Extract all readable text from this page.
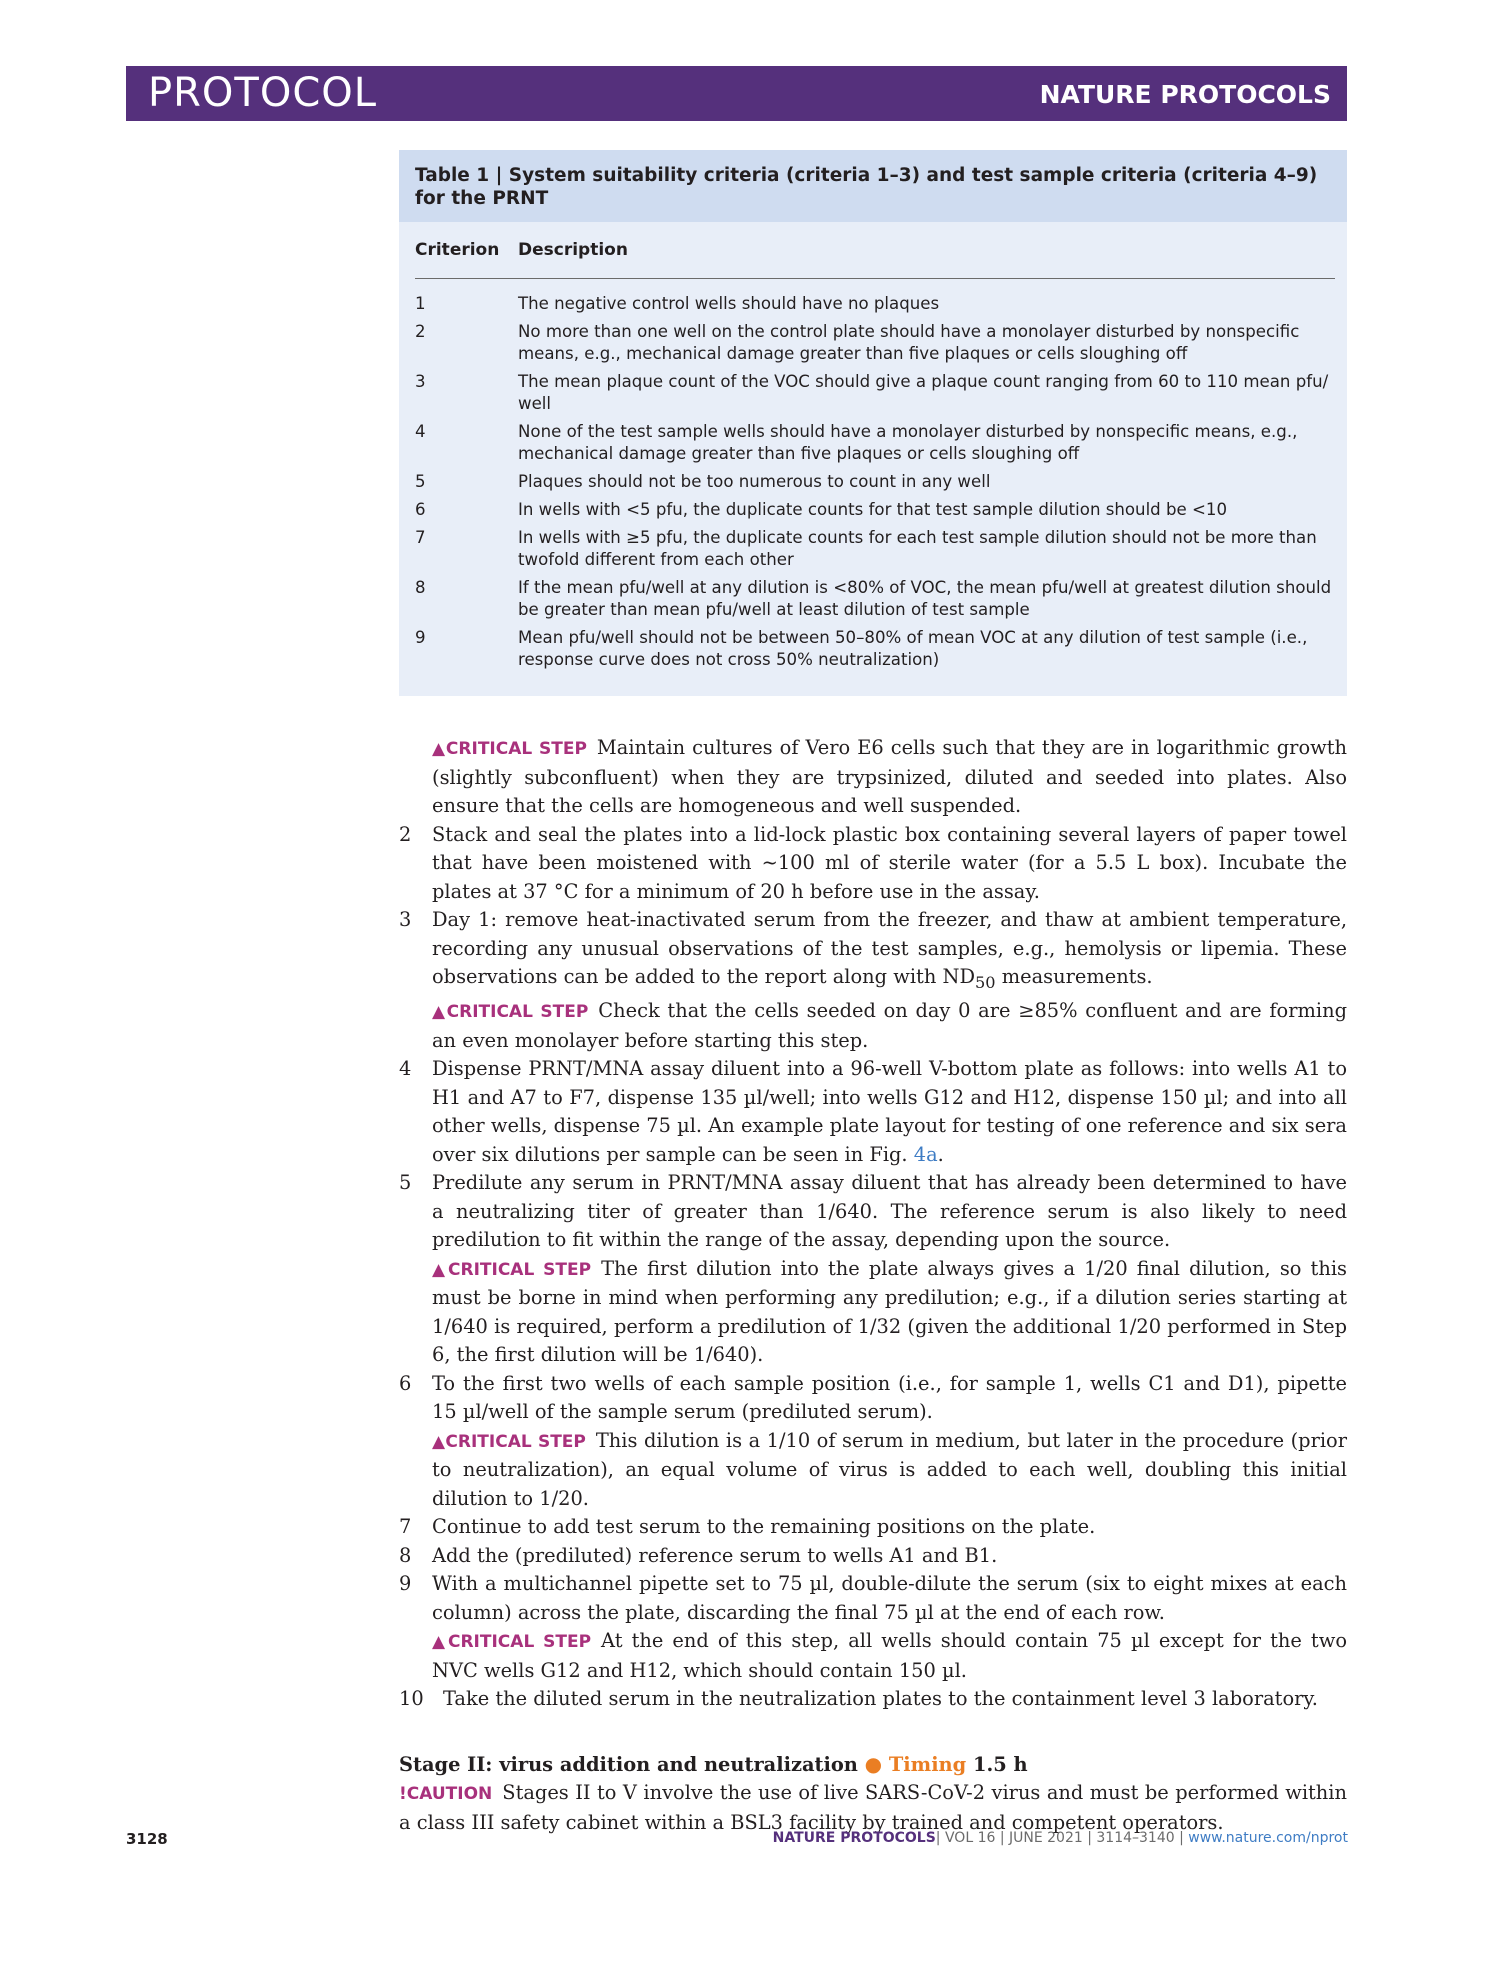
PROTOCOL	NATURE PROTOCOLS
Table 1 | System suitability criteria (criteria 1–3) and test sample criteria (criteria 4–9) for the PRNT
Criterion Description
1	The negative control wells should have no plaques
2	No more than one well on the control plate should have a monolayer disturbed by nonspecific means, e.g., mechanical damage greater than five plaques or cells sloughing off
3	The mean plaque count of the VOC should give a plaque count ranging from 60 to 110 mean pfu/ well
4	None of the test sample wells should have a monolayer disturbed by nonspecific means, e.g., mechanical damage greater than five plaques or cells sloughing off
5	Plaques should not be too numerous to count in any well
6	In wells with <5 pfu, the duplicate counts for that test sample dilution should be <10
7	In wells with ≥5 pfu, the duplicate counts for each test sample dilution should not be more than twofold different from each other
8	If the mean pfu/well at any dilution is <80% of VOC, the mean pfu/well at greatest dilution should be greater than mean pfu/well at least dilution of test sample
9	Mean pfu/well should not be between 50–80% of mean VOC at any dilution of test sample (i.e., response curve does not cross 50% neutralization)
▲CRITICAL STEP Maintain cultures of Vero E6 cells such that they are in logarithmic growth (slightly subconfluent) when they are trypsinized, diluted and seeded into plates. Also ensure that the cells are homogeneous and well suspended.
2 Stack and seal the plates into a lid-lock plastic box containing several layers of paper towel that have been moistened with ~100 ml of sterile water (for a 5.5 L box). Incubate the plates at 37 °C for a minimum of 20 h before use in the assay.
3 Day 1: remove heat-inactivated serum from the freezer, and thaw at ambient temperature, recording any unusual observations of the test samples, e.g., hemolysis or lipemia. These observations can be added to the report along with $ND_{50}$ measurements.
▲CRITICAL STEP Check that the cells seeded on day 0 are ≥85% confluent and are forming an even monolayer before starting this step.
4 Dispense PRNT/MNA assay diluent into a 96-well V-bottom plate as follows: into wells A1 to H1 and A7 to F7, dispense 135 µl/well; into wells G12 and H12, dispense 150 µl; and into all other wells, dispense 75 µl. An example plate layout for testing of one reference and six sera over six dilutions per sample can be seen in Fig. 4a.
5 Predilute any serum in PRNT/MNA assay diluent that has already been determined to have a neutralizing titer of greater than 1/640. The reference serum is also likely to need predilution to fit within the range of the assay, depending upon the source.
▲CRITICAL STEP The first dilution into the plate always gives a 1/20 final dilution, so this must be borne in mind when performing any predilution; e.g., if a dilution series starting at 1/640 is required, perform a predilution of 1/32 (given the additional 1/20 performed in Step 6, the first dilution will be 1/640).
6 To the first two wells of each sample position (i.e., for sample 1, wells C1 and D1), pipette 15 µl/well of the sample serum (prediluted serum).
▲CRITICAL STEP This dilution is a 1/10 of serum in medium, but later in the procedure (prior to neutralization), an equal volume of virus is added to each well, doubling this initial dilution to 1/20.
7 Continue to add test serum to the remaining positions on the plate.
8 Add the (prediluted) reference serum to wells A1 and B1.
9 With a multichannel pipette set to 75 µl, double-dilute the serum (six to eight mixes at each column) across the plate, discarding the final 75 µl at the end of each row.
▲CRITICAL STEP At the end of this step, all wells should contain 75 µl except for the two NVC wells G12 and H12, which should contain 150 µl.
10 Take the diluted serum in the neutralization plates to the containment level 3 laboratory.
Stage II: virus addition and neutralization ● Timing 1.5 h
!CAUTION Stages II to V involve the use of live SARS-CoV-2 virus and must be performed within a class III safety cabinet within a BSL3 facility by trained and competent operators.
3128	NATURE PROTOCOLS| VOL 16 | JUNE 2021 | 3114–3140 | www.nature.com/nprot
